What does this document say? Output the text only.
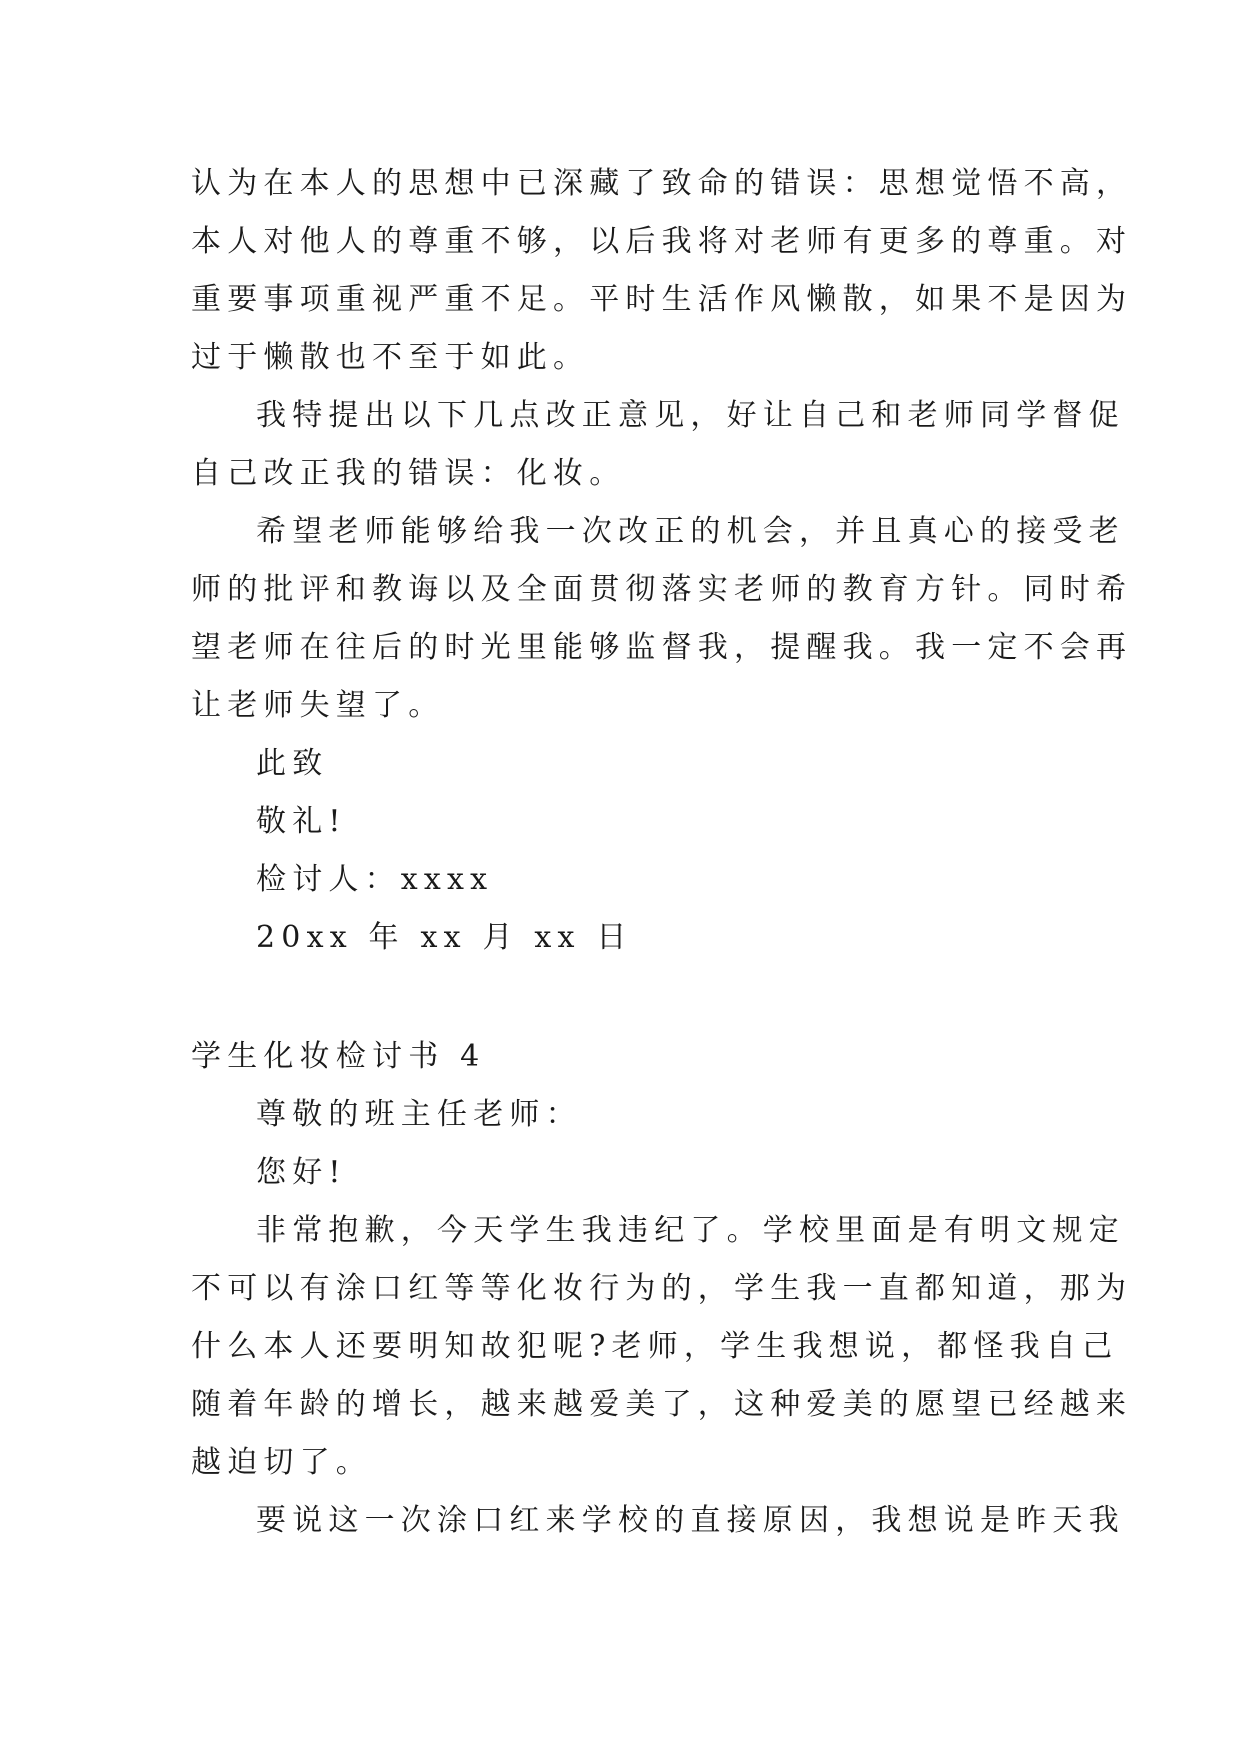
认为在本人的思想中已深藏了致命的错误：思想觉悟不高，
本人对他人的尊重不够，以后我将对老师有更多的尊重。对
重要事项重视严重不足。平时生活作风懒散，如果不是因为
过于懒散也不至于如此。
我特提出以下几点改正意见，好让自己和老师同学督促
自己改正我的错误：化妆。
希望老师能够给我一次改正的机会，并且真心的接受老
师的批评和教诲以及全面贯彻落实老师的教育方针。同时希
望老师在往后的时光里能够监督我，提醒我。我一定不会再
让老师失望了。
此致
敬礼!
检讨人：xxxx
20xx 年 xx 月 xx 日
学生化妆检讨书 4
尊敬的班主任老师：
您好!
非常抱歉，今天学生我违纪了。学校里面是有明文规定
不可以有涂口红等等化妆行为的，学生我一直都知道，那为
什么本人还要明知故犯呢?老师，学生我想说，都怪我自己
随着年龄的增长，越来越爱美了，这种爱美的愿望已经越来
越迫切了。
要说这一次涂口红来学校的直接原因，我想说是昨天我
